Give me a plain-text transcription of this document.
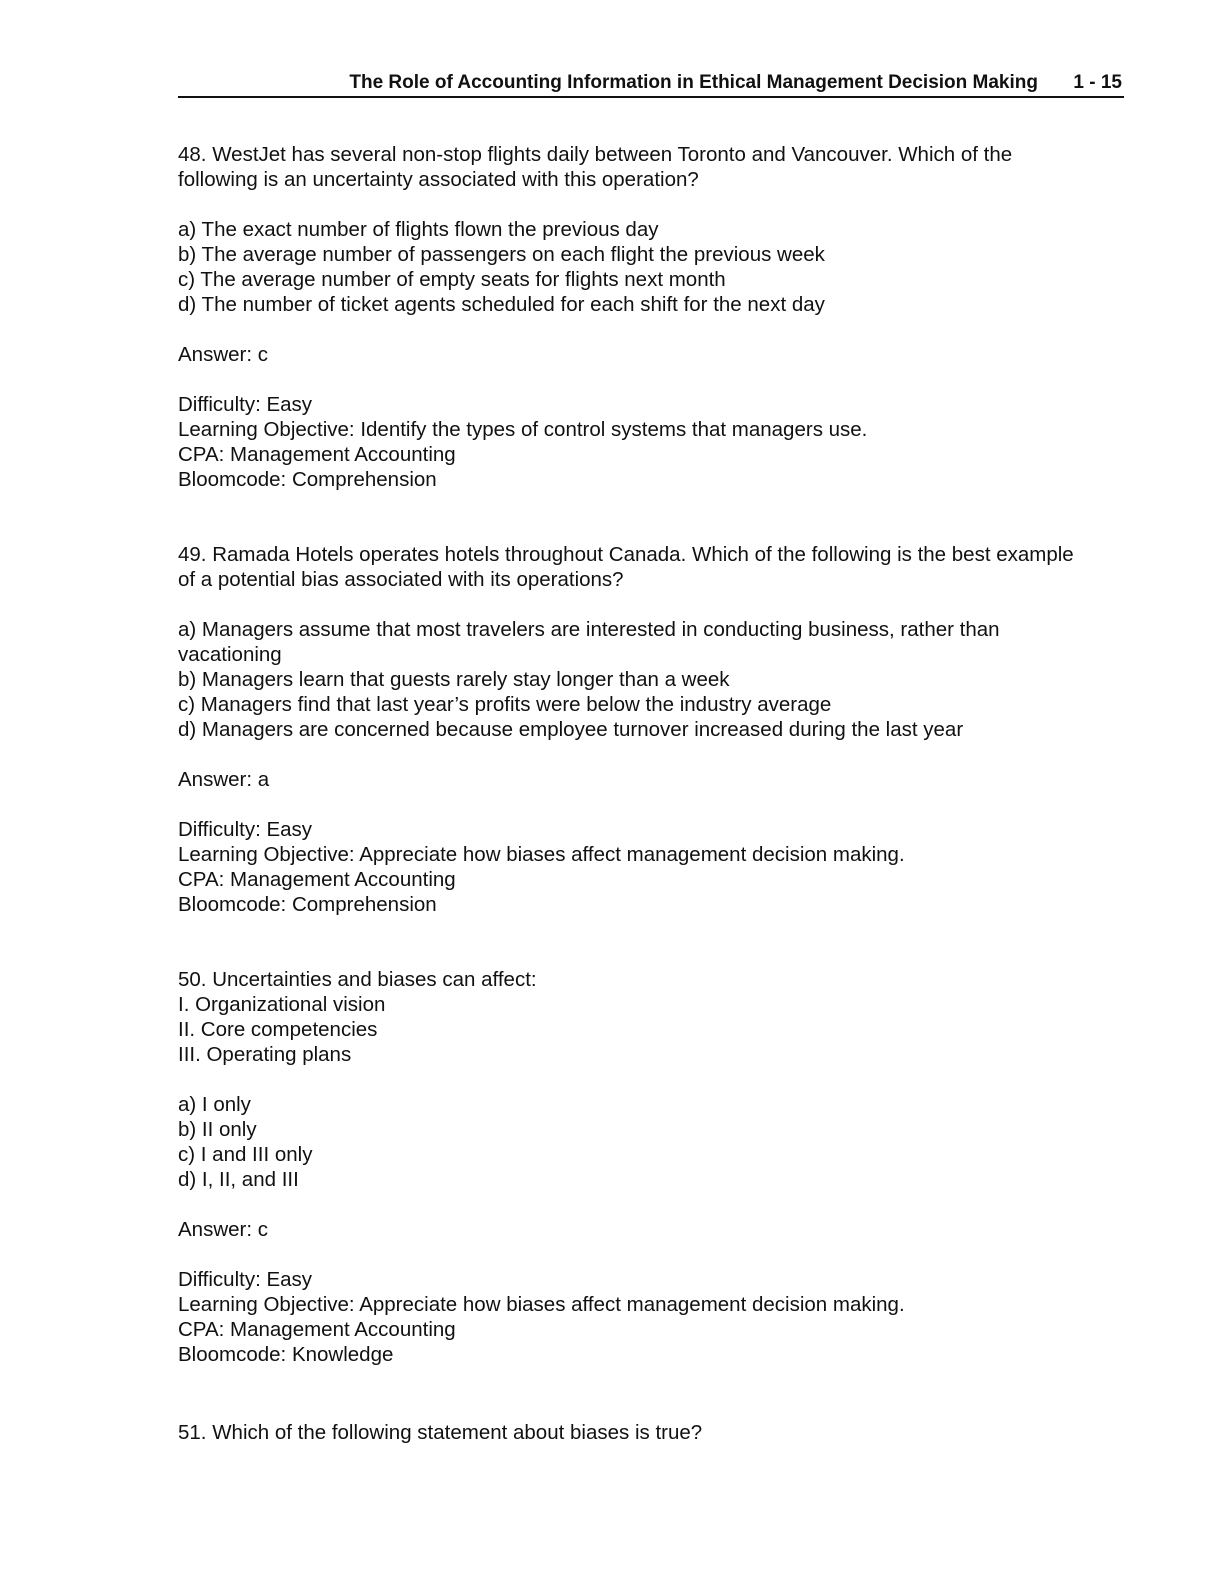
The Role of Accounting Information in Ethical Management Decision Making 1 - 15
48. WestJet has several non-stop flights daily between Toronto and Vancouver. Which of the
following is an uncertainty associated with this operation?
a) The exact number of flights flown the previous day
b) The average number of passengers on each flight the previous week
c) The average number of empty seats for flights next month
d) The number of ticket agents scheduled for each shift for the next day
Answer: c
Difficulty: Easy
Learning Objective: Identify the types of control systems that managers use.
CPA: Management Accounting
Bloomcode: Comprehension
49. Ramada Hotels operates hotels throughout Canada. Which of the following is the best example
of a potential bias associated with its operations?
a) Managers assume that most travelers are interested in conducting business, rather than
vacationing
b) Managers learn that guests rarely stay longer than a week
c) Managers find that last year’s profits were below the industry average
d) Managers are concerned because employee turnover increased during the last year
Answer: a
Difficulty: Easy
Learning Objective: Appreciate how biases affect management decision making.
CPA: Management Accounting
Bloomcode: Comprehension
50. Uncertainties and biases can affect:
I. Organizational vision
II. Core competencies
III. Operating plans
a) I only
b) II only
c) I and III only
d) I, II, and III
Answer: c
Difficulty: Easy
Learning Objective: Appreciate how biases affect management decision making.
CPA: Management Accounting
Bloomcode: Knowledge
51. Which of the following statement about biases is true?
